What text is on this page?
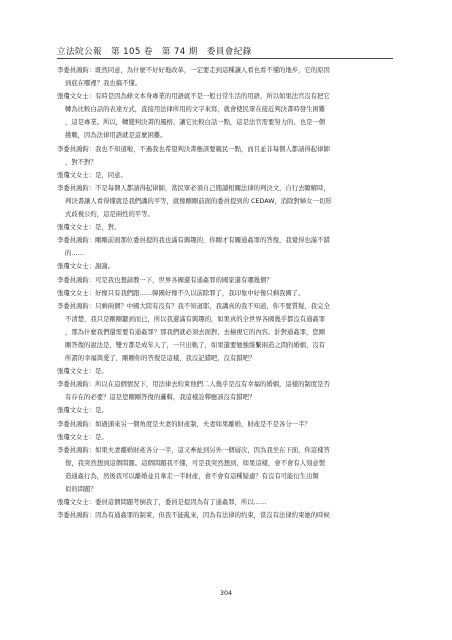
立法院公報　第 105 卷　第 74 期　委員會紀錄
李委員鴻鈞：既然同意，為什麼不好好地改革，一定要走到這種讓人看也看不懂的地步，它的原因
到底在哪裡？我也搞不懂。
張瓊文女士：有時是因為條文本身專業的用語就不是一般日常生活的用語，所以如果法官沒有把它
轉為比較白話的表達方式，直接用法律所用的文字來寫，就會使民眾在接近判決書時發生困難
，這是專業。所以，轉變判決書的風格，讓它比較白話一點，這是法官需要努力的，也是一個
挑戰，因為法律用語就是這麼困難。
李委員鴻鈞：我也不知道啦，不過我也希望判決書應該要親民一點，而且並非每個人都請得起律師
，對不對？
張瓊文女士：是，同意。
李委員鴻鈞：不是每個人都請得起律師，當民眾必須自己閱讀相關法律的判決文，自行去瞭解時，
判決書讓人看得懂就是我們講的平等，就像剛剛前面的委員提到的 CEDAW，消除對婦女一切形
式歧視公約，這是兩性的平等。
張瓊文女士：是，對。
李委員鴻鈞：剛剛前面那位委員提的我也滿有興趣的，你剛才有關通姦罪的答復，我覺得也滿不錯
的……
張瓊文女士：謝謝。
李委員鴻鈞：可是我也想請教一下，世界各國還有通姦罪的國家還有哪幾個？
張瓊文女士：好像只有我們跟……韓國好像不久以前除罪了，我印象中好像只剩我國了。
李委員鴻鈞：只剩兩個？中國大陸有沒有？我不知道耶，我講真的我不知道，你不要質疑，我完全
不清楚，我只是剛剛聽到而已，所以我還滿有興趣的，如果真的全世界各國幾乎都沒有通姦罪
，那為什麼我們還需要有通姦罪？那我們就必須去面對，去檢視它的內容。針對通姦罪，您剛
剛答復的說法是，雙方都是成年人了，一旦出軌了，如果還要勉強維繫兩造之間的婚姻，沒有
所謂的幸福與愛了，剛剛你的答復是這樣，我沒記錯吧，沒有錯吧？
張瓊文女士：是。
李委員鴻鈞：所以在這個情況下，用法律去約束他們二人幾乎是沒有幸福的婚姻，這樣的制度是否
有存在的必要？這是您剛剛答復的邏輯，我這樣詮釋應該沒有錯吧？
張瓊文女士：是。
李委員鴻鈞：如過頭來另一個角度是夫妻的財產制，夫妻如果離婚，財產是不是各分一半？
張瓊文女士：是。
李委員鴻鈞：如果夫妻離婚財產各分一半，這又牽扯到另外一個層次，因為我坐在下面，你這樣答
復，我突然想到這個問題。這個問題我不懂，可是我突然想到，如果這樣，會不會有人刻意製
造通姦行為，然後我可以離婚並且拿走一半財產，會不會有這種疑慮？有沒有可能衍生出類
似的問題？
張瓊文女士：委員這個問題考倒我了，委員是提因為有了通姦罪，所以……
李委員鴻鈞：因為有通姦罪的制束，但我不能亂來，因為有法律的約束，當沒有法律約束她的時候
304
